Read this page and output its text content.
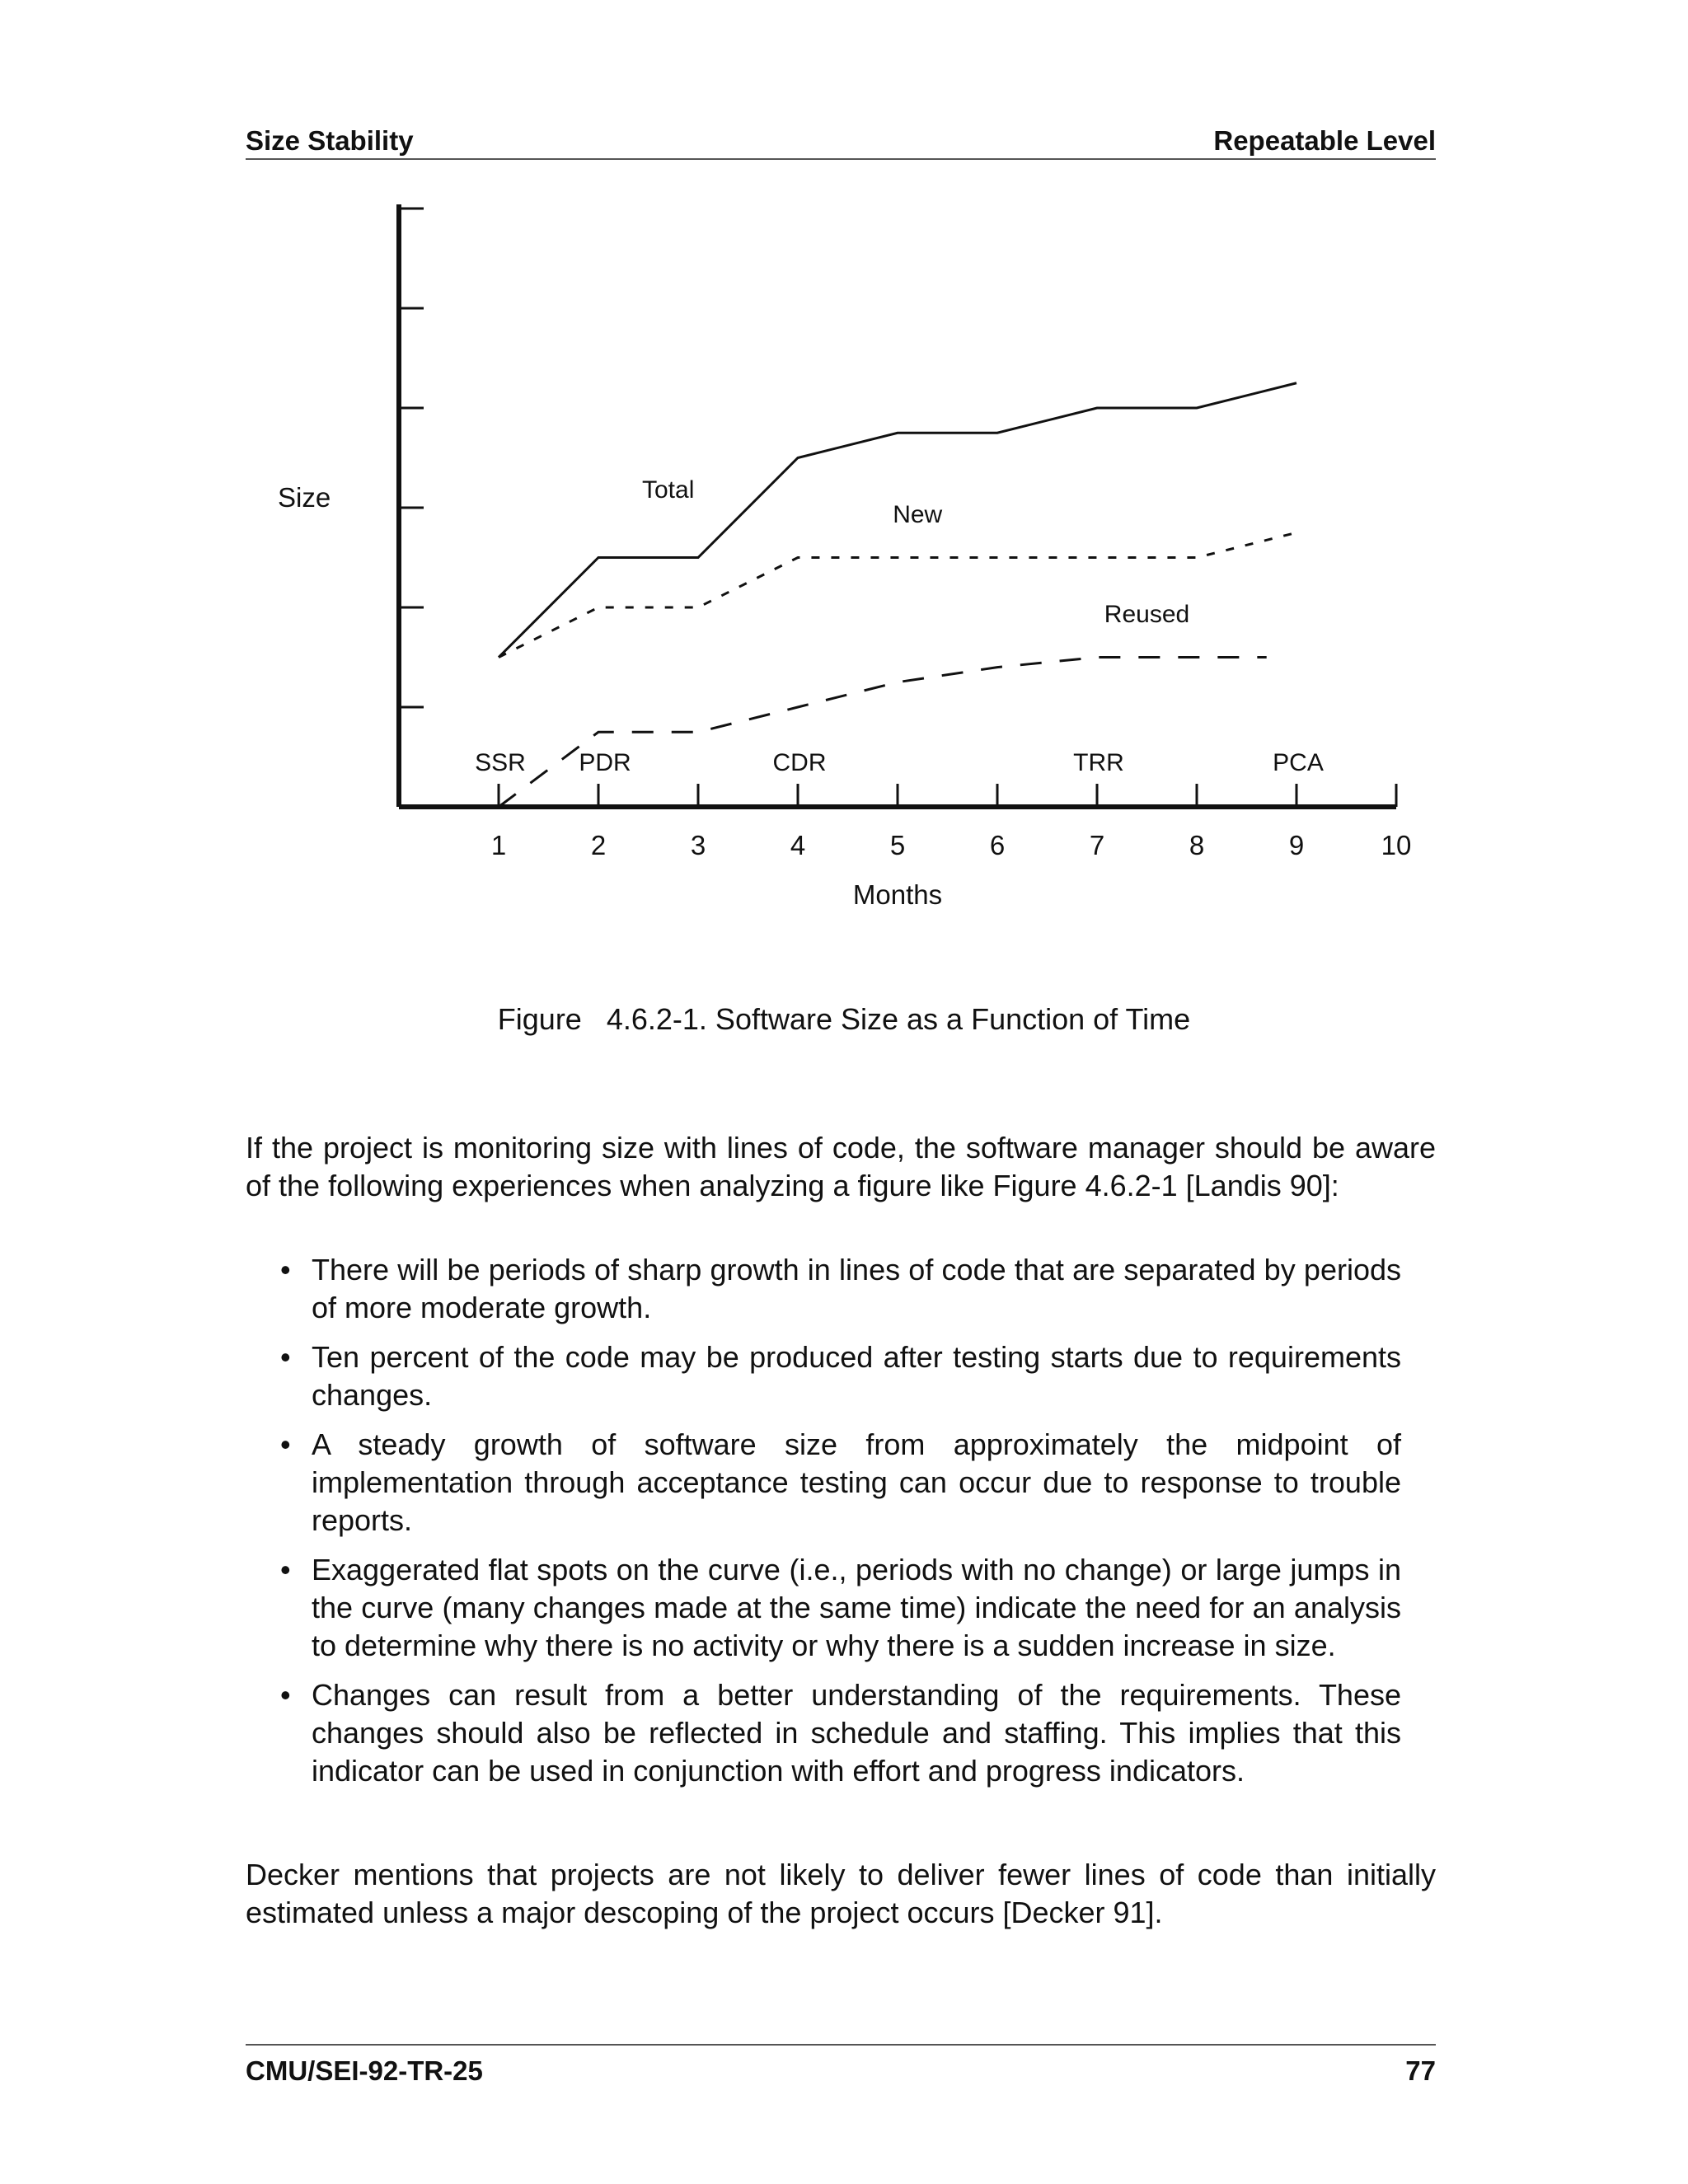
Size Stability	Repeatable Level
1	2	3	4	5	6	7	8	9	10
Months
Size
SSR PDR	CDR	TRR	PCA
Total
New
Reused
Figure 4.6.2-1. Software Size as a Function of Time
If the project is monitoring size with lines of code, the software manager should be aware of the following experiences when analyzing a figure like Figure 4.6.2-1 [Landis 90]:
• There will be periods of sharp growth in lines of code that are separated by periods of more moderate growth.
• Ten percent of the code may be produced after testing starts due to requirements changes.
• A steady growth of software size from approximately the midpoint of implementation through acceptance testing can occur due to response to trouble reports.
• Exaggerated flat spots on the curve (i.e., periods with no change) or large jumps in the curve (many changes made at the same time) indicate the need for an analysis to determine why there is no activity or why there is a sudden increase in size.
• Changes can result from a better understanding of the requirements. These changes should also be reflected in schedule and staffing. This implies that this indicator can be used in conjunction with effort and progress indicators.
Decker mentions that projects are not likely to deliver fewer lines of code than initially estimated unless a major descoping of the project occurs [Decker 91].
CMU/SEI-92-TR-25	77
